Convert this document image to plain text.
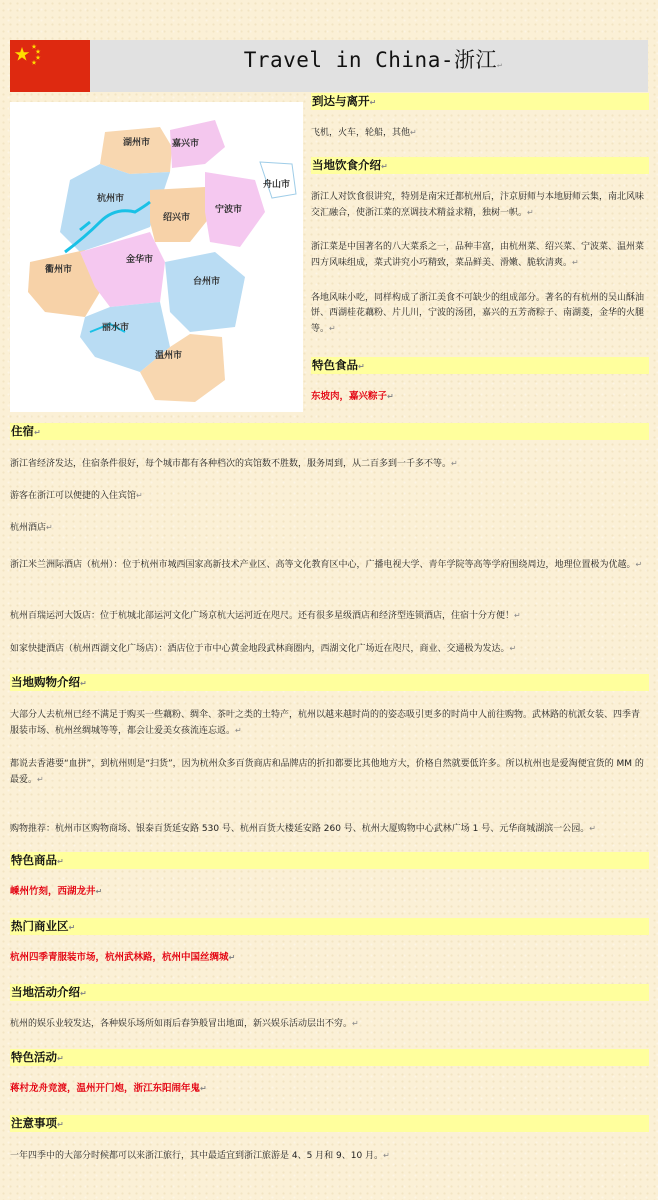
Travel in China-浙江↵
湖州市 嘉兴市
杭州市
舟山市
绍兴市
宁波市
金华市
衢州市
台州市
丽水市
温州市
到达与离开↵
飞机，火车，轮船，其他↵
当地饮食介绍↵
浙江人对饮食很讲究，特别是南宋迁都杭州后，汴京厨师与本地厨师云集，南北风味交汇融合，使浙江菜的烹调技术精益求精，独树一帜。↵
浙江菜是中国著名的八大菜系之一，品种丰富，由杭州菜、绍兴菜、宁波菜、温州菜四方风味组成，菜式讲究小巧精致，菜品鲜美、滑嫩、脆软清爽。↵
各地风味小吃，同样构成了浙江美食不可缺少的组成部分。著名的有杭州的吴山酥油饼、西湖桂花藕粉、片儿川，宁波的汤团，嘉兴的五芳斋粽子、南湖菱，金华的火腿等。↵
特色食品↵
东坡肉，嘉兴粽子↵
住宿↵
浙江省经济发达，住宿条件很好，每个城市都有各种档次的宾馆数不胜数，服务周到，从二百多到一千多不等。↵
游客在浙江可以便捷的入住宾馆↵
杭州酒店↵
浙江米兰洲际酒店（杭州）：位于杭州市城西国家高新技术产业区、高等文化教育区中心，广播电视大学、青年学院等高等学府围绕周边，地理位置极为优越。↵
杭州百瑞运河大饭店：位于杭城北部运河文化广场京杭大运河近在咫尺。还有很多星级酒店和经济型连锁酒店，住宿十分方便！↵
如家快捷酒店（杭州西湖文化广场店）：酒店位于市中心黄金地段武林商圈内，西湖文化广场近在咫尺，商业、交通极为发达。↵
当地购物介绍↵
大部分人去杭州已经不满足于购买一些藕粉、绸伞、茶叶之类的土特产，杭州以越来越时尚的的姿态吸引更多的时尚中人前往购物。武林路的杭派女装、四季青服装市场、杭州丝绸城等等，都会让爱美女孩流连忘返。↵
都说去香港要“血拼”，到杭州则是“扫货”，因为杭州众多百货商店和品牌店的折扣都要比其他地方大，价格自然就要低许多。所以杭州也是爱淘便宜货的 MM 的最爱。↵
购物推荐：杭州市区购物商场、银泰百货延安路 530 号、杭州百货大楼延安路 260 号、杭州大厦购物中心武林广场 1 号、元华商城湖滨一公园。↵
特色商品↵
嵊州竹刻，西湖龙井↵
热门商业区↵
杭州四季青服装市场，杭州武林路，杭州中国丝绸城↵
当地活动介绍↵
杭州的娱乐业较发达，各种娱乐场所如雨后春笋般冒出地面，新兴娱乐活动层出不穷。↵
特色活动↵
蒋村龙舟竞渡，温州开门炮，浙江东阳闹年鬼↵
注意事项↵
一年四季中的大部分时候都可以来浙江旅行，其中最适宜到浙江旅游是 4、5 月和 9、10 月。↵
